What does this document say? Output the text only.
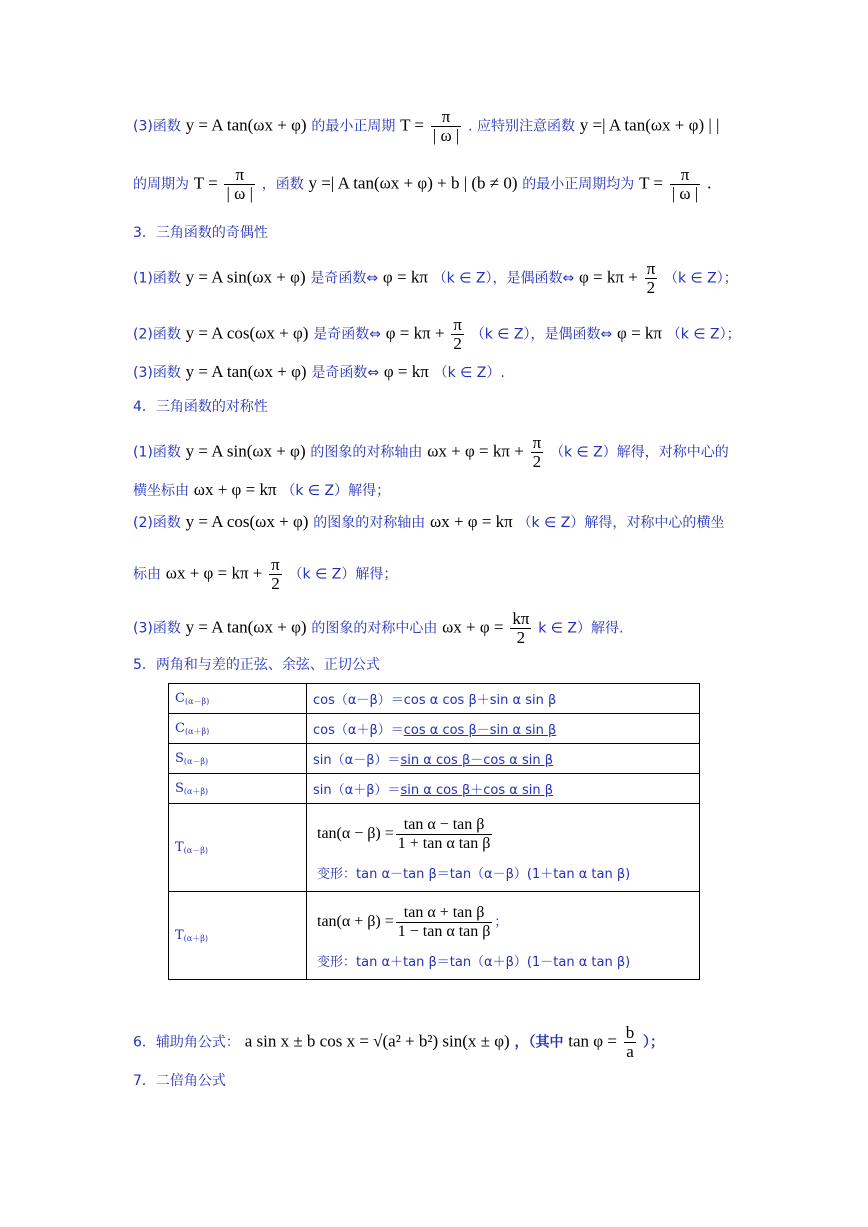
(3)函数 y = A tan(ωx + φ) 的最小正周期 $T = \frac{\pi}{| \omega |}$ . 应特别注意函数 y =| A tan(ωx + φ) | |
的周期为 $T = \frac{\pi}{| \omega |}$ ，函数 y =| A tan(ωx + φ) + b | (b ≠ 0) 的最小正周期均为 $T = \frac{\pi}{| \omega |}$ .
3．三角函数的奇偶性
(1)函数 y = A sin(ωx + φ) 是奇函数⇔ φ = kπ （k ∈ Z），是偶函数⇔ $\varphi = k\pi + \frac{\pi}{2} (k$ ∈ Z）；
(2)函数 y = A cos(ωx + φ) 是奇函数⇔ $\varphi = k\pi + \frac{\pi}{2} (k$ ∈ Z），是偶函数⇔ φ = kπ （k ∈ Z）；
(3)函数 y = A tan(ωx + φ) 是奇函数⇔ φ = kπ （k ∈ Z）.
4．三角函数的对称性
(1)函数 y = A sin(ωx + φ) 的图象的对称轴由 $\omega x + \varphi = k\pi + \frac{\pi}{2} (k$ ∈ Z）解得，对称中心的
横坐标由 ωx + φ = kπ （k ∈ Z）解得；
(2)函数 y = A cos(ωx + φ) 的图象的对称轴由 ωx + φ = kπ （k ∈ Z）解得，对称中心的横坐
标由 $\omega x + \varphi = k\pi + \frac{\pi}{2} (k$ ∈ Z）解得；
(3)函数 y = A tan(ωx + φ) 的图象的对称中心由 $\omega x + \varphi = \frac{k\pi}{2}$ k ∈ Z）解得.
5．两角和与差的正弦、余弦、正切公式
$C_{(\alpha-\beta)}$	cos（α－β）＝cos α cos β＋sin α sin β
$C_{(\alpha+\beta)}$	cos（α＋β）＝cos α cos β－sin α sin β
$S_{(\alpha-\beta)}$	sin（α－β）＝sin α cos β－cos α sin β
$S_{(\alpha+\beta)}$	sin（α＋β）＝sin α cos β＋cos α sin β
$T_{(\alpha-\beta)}$	$\tan(\alpha - \beta) = \frac{\text{tan α − tan β}}{\text{1 + tan α tan β}}$
变形：tan α－tan β＝tan（α－β）(1＋tan α tan β)

$T_{(\alpha+\beta)}$	$\tan(\alpha + \beta) = \frac{\text{tan α + tan β}}{\text{1 − tan α tan β}}$ ；
变形：tan α＋tan β＝tan（α＋β）(1－tan α tan β)
6．辅助角公式： a sin x ± b cos x = √(a² + b²) sin(x ± φ) ，（其中 $\tan \varphi = \frac{b}{a}$ ）；
7．二倍角公式
